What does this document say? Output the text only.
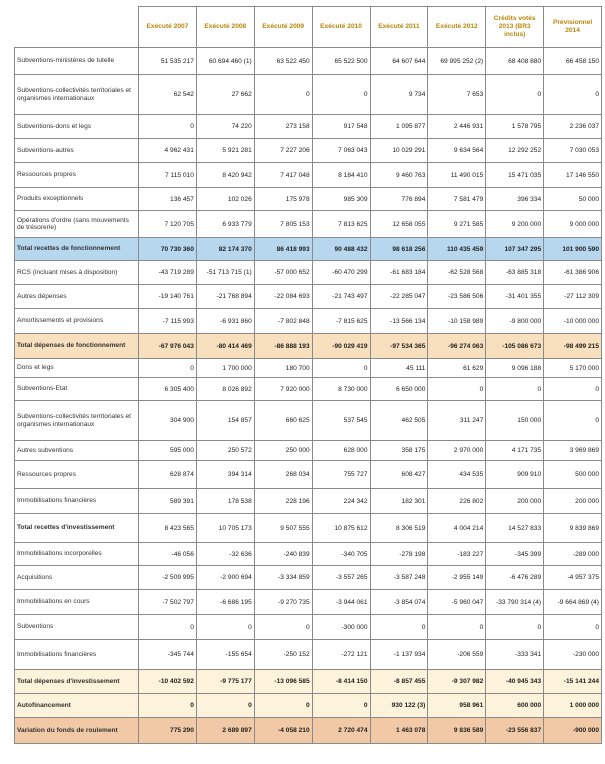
	Exécuté 2007	Exécuté 2008	Exécuté 2009	Exécuté 2010	Exécuté 2011	Exécuté 2012	Crédits votés 2013 (BR3 inclus)	Prévisionnel 2014
Subventions-ministères de tutelle	51 535 217	60 694 460 (1)	63 522 450	65 522 500	64 607 644	69 995 252 (2)	68 408 880	66 458 150
Subventions-collectivités territoriales et organismes internationaux	62 542	27 662	0	0	9 734	7 653	0	0
Subventions-dons et legs	0	74 220	273 158	917 548	1 095 877	2 446 931	1 578 795	2 236 037
Subventions-autres	4 962 431	5 921 281	7 227 206	7 063 043	10 029 291	9 634 564	12 292 252	7 030 053
Ressources propres	7 115 010	8 420 942	7 417 048	8 184 410	9 460 763	11 490 015	15 471 035	17 146 550
Produits exceptionnels	136 457	102 026	175 978	985 309	776 894	7 581 479	396 334	50 000
Opérations d'ordre (sans mouvements de trésorerie)	7 120 705	6 933 779	7 805 153	7 813 625	12 658 055	9 271 585	9 200 000	9 000 000
Total recettes de fonctionnement	70 730 360	82 174 370	86 418 993	90 488 432	98 618 256	110 435 459	107 347 295	101 900 590
RCS (incluant mises à disposition)	-43 719 289	-51 713 715 (1)	-57 000 652	-60 470 299	-61 683 184	-62 528 568	-63 885 318	-61 386 906
Autres dépenses	-19 140 761	-21 768 894	-22 084 693	-21 743 497	-22 285 047	-23 586 506	-31 401 355	-27 112 309
Amortissements et provisions	-7 115 993	-6 931 860	-7 802 848	-7 815 625	-13 566 134	-10 158 989	-9 800 000	-10 000 000
Total dépenses de fonctionnement	-67 976 043	-80 414 469	-86 888 193	-90 029 419	-97 534 365	-96 274 063	-105 086 673	-98 499 215
Dons et legs	0	1 700 000	180 700	0	45 111	61 629	9 096 188	5 170 000
Subventions-Etat	6 305 400	8 026 892	7 920 000	8 730 000	6 650 000	0	0	0
Subventions-collectivités territoriales et organismes internationaux	304 900	154 857	660 625	537 545	462 505	311 247	150 000	0
Autres subventions	595 000	250 572	250 000	628 000	358 175	2 970 000	4 171 735	3 969 869
Ressources propres	628 874	394 314	268 034	755 727	608 427	434 535	909 910	500 000
Immobilisations financières	589 391	178 538	228 196	224 342	182 301	226 802	200 000	200 000
Total recettes d'investissement	8 423 565	10 705 173	9 507 555	10 875 612	8 306 519	4 004 214	14 527 833	9 839 869
Immobilisations incorporelles	-46 056	-32 636	-240 839	-340 705	-278 198	-183 227	-345 399	-289 000
Acquisitions	-2 509 995	-2 900 694	-3 334 859	-3 557 265	-3 587 248	-2 955 149	-6 476 289	-4 957 375
Immobilisations en cours	-7 502 797	-6 686 195	-9 270 735	-3 944 061	-3 854 074	-5 960 047	-33 790 314 (4)	-9 664 869 (4)
Subventions	0	0	0	-300 000	0	0	0	0
Immobilisations financières	-345 744	-155 654	-250 152	-272 121	-1 137 934	-206 559	-333 341	-230 000
Total dépenses d'investissement	-10 402 592	-9 775 177	-13 096 585	-8 414 150	-8 857 455	-9 307 982	-40 945 343	-15 141 244
Autofinancement	0	0	0	0	930 122 (3)	958 961	600 000	1 000 000
Variation du fonds de roulement	775 290	2 689 897	-4 058 210	2 720 474	1 463 078	9 836 589	-23 556 837	-900 000
